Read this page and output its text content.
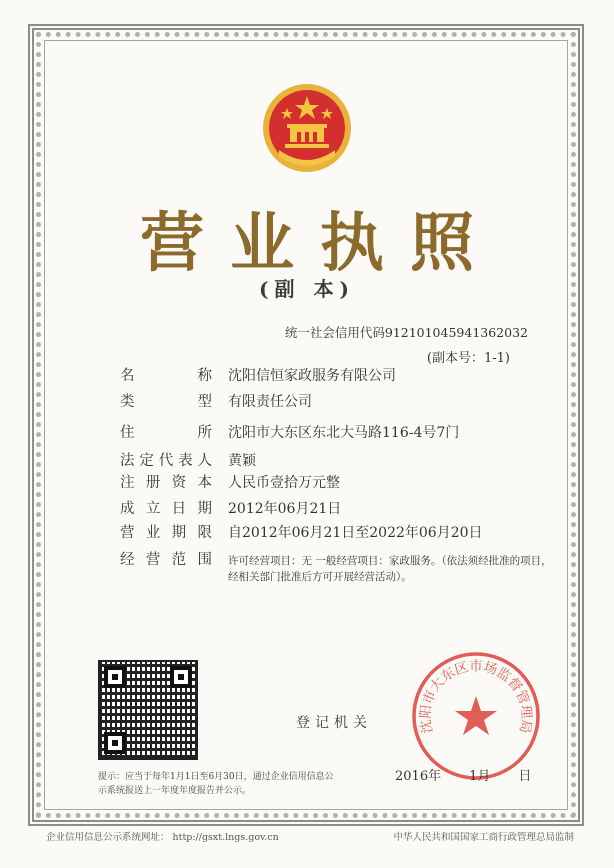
营业执照
(副 本)
统一社会信用代码912101045941362032
(副本号：1-1)
名	称 沈阳信恒家政服务有限公司
类	型 有限责任公司
住	所 沈阳市大东区东北大马路116-4号7门
法 定 代 表 人 黄颖
注 册 资 本 人民币壹拾万元整
成 立 日 期 2012年06月21日
营 业 期 限 自2012年06月21日至2022年06月20日
经 营 范 围 许可经营项目：无 一般经营项目：家政服务。（依法须经批准的项目，经相关部门批准后方可开展经营活动）。
登记机关	沈阳市大东区市场监督管理局
2016年 1月 日
提示：应当于每年1月1日至6月30日，通过企业信用信息公示系统报送上一年度年度报告并公示。
企业信用信息公示系统网址： http://gsxt.lngs.gov.cn	中华人民共和国国家工商行政管理总局监制
